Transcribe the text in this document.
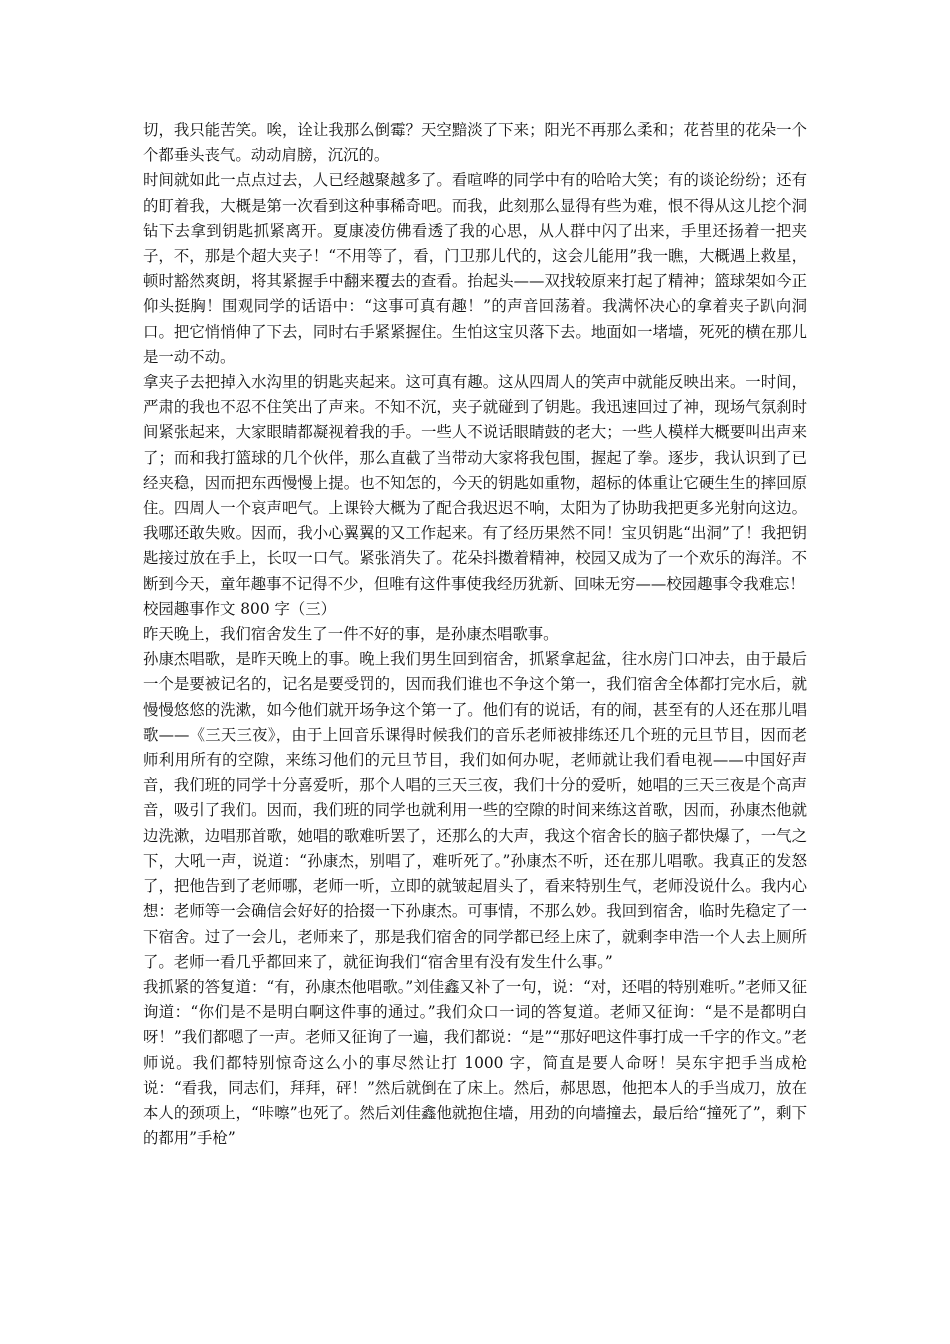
切，我只能苦笑。唉，诠让我那么倒霉？天空黯淡了下来；阳光不再那么柔和；花苔里的花朵一个个都垂头丧气。动动肩膀，沉沉的。

时间就如此一点点过去，人已经越聚越多了。看喧哗的同学中有的哈哈大笑；有的谈论纷纷；还有的盯着我，大概是第一次看到这种事稀奇吧。而我，此刻那么显得有些为难，恨不得从这儿挖个洞钻下去拿到钥匙抓紧离开。夏康凌仿佛看透了我的心思，从人群中闪了出来，手里还扬着一把夹子，不，那是个超大夹子！“不用等了，看，门卫那儿代的，这会儿能用”我一瞧，大概遇上救星，顿时豁然爽朗，将其紧握手中翻来覆去的查看。抬起头——双找较原来打起了精神；篮球架如今正仰头挺胸！围观同学的话语中：“这事可真有趣！”的声音回荡着。我满怀决心的拿着夹子趴向洞口。把它悄悄伸了下去，同时右手紧紧握住。生怕这宝贝落下去。地面如一堵墙，死死的横在那儿是一动不动。

拿夹子去把掉入水沟里的钥匙夹起来。这可真有趣。这从四周人的笑声中就能反映出来。一时间，严肃的我也不忍不住笑出了声来。不知不沉，夹子就碰到了钥匙。我迅速回过了神，现场气氛刹时间紧张起来，大家眼睛都凝视着我的手。一些人不说话眼睛鼓的老大；一些人模样大概要叫出声来了；而和我打篮球的几个伙伴，那么直截了当带动大家将我包围，握起了拳。逐步，我认识到了已经夹稳，因而把东西慢慢上提。也不知怎的，今天的钥匙如重物，超标的体重让它硬生生的摔回原住。四周人一个哀声吧气。上课铃大概为了配合我迟迟不响，太阳为了协助我把更多光射向这边。我哪还敢失败。因而，我小心翼翼的又工作起来。有了经历果然不同！宝贝钥匙“出洞”了！我把钥匙接过放在手上，长叹一口气。紧张消失了。花朵抖擞着精神，校园又成为了一个欢乐的海洋。不断到今天，童年趣事不记得不少，但唯有这件事使我经历犹新、回味无穷——校园趣事令我难忘！

校园趣事作文 800 字（三）

昨天晚上，我们宿舍发生了一件不好的事，是孙康杰唱歌事。

孙康杰唱歌，是昨天晚上的事。晚上我们男生回到宿舍，抓紧拿起盆，往水房门口冲去，由于最后一个是要被记名的，记名是要受罚的，因而我们谁也不争这个第一，我们宿舍全体都打完水后，就慢慢悠悠的洗漱，如今他们就开场争这个第一了。他们有的说话，有的闹，甚至有的人还在那儿唱歌——《三天三夜》，由于上回音乐课得时候我们的音乐老师被排练还几个班的元旦节目，因而老师利用所有的空隙，来练习他们的元旦节目，我们如何办呢，老师就让我们看电视——中国好声音，我们班的同学十分喜爱听，那个人唱的三天三夜，我们十分的爱听，她唱的三天三夜是个高声音，吸引了我们。因而，我们班的同学也就利用一些的空隙的时间来练这首歌，因而，孙康杰他就边洗漱，边唱那首歌，她唱的歌难听罢了，还那么的大声，我这个宿舍长的脑子都快爆了，一气之下，大吼一声，说道：“孙康杰，别唱了，难听死了。”孙康杰不听，还在那儿唱歌。我真正的发怒了，把他告到了老师哪，老师一听，立即的就皱起眉头了，看来特别生气，老师没说什么。我内心想：老师等一会确信会好好的拾掇一下孙康杰。可事情，不那么妙。我回到宿舍，临时先稳定了一下宿舍。过了一会儿，老师来了，那是我们宿舍的同学都已经上床了，就剩李申浩一个人去上厕所了。老师一看几乎都回来了，就征询我们“宿舍里有没有发生什么事。”

我抓紧的答复道：“有，孙康杰他唱歌。”刘佳鑫又补了一句，说：“对，还唱的特别难听。”老师又征询道：“你们是不是明白啊这件事的通过。”我们众口一词的答复道。老师又征询：“是不是都明白呀！”我们都嗯了一声。老师又征询了一遍，我们都说：“是”“那好吧这件事打成一千字的作文。”老师说。我们都特别惊奇这么小的事尽然让打 1000 字，简直是要人命呀！吴东宇把手当成枪说：“看我，同志们，拜拜，砰！”然后就倒在了床上。然后，郝思恩，他把本人的手当成刀，放在本人的颈项上，“咔嚓”也死了。然后刘佳鑫他就抱住墙，用劲的向墙撞去，最后给“撞死了”，剩下的都用”手枪”
